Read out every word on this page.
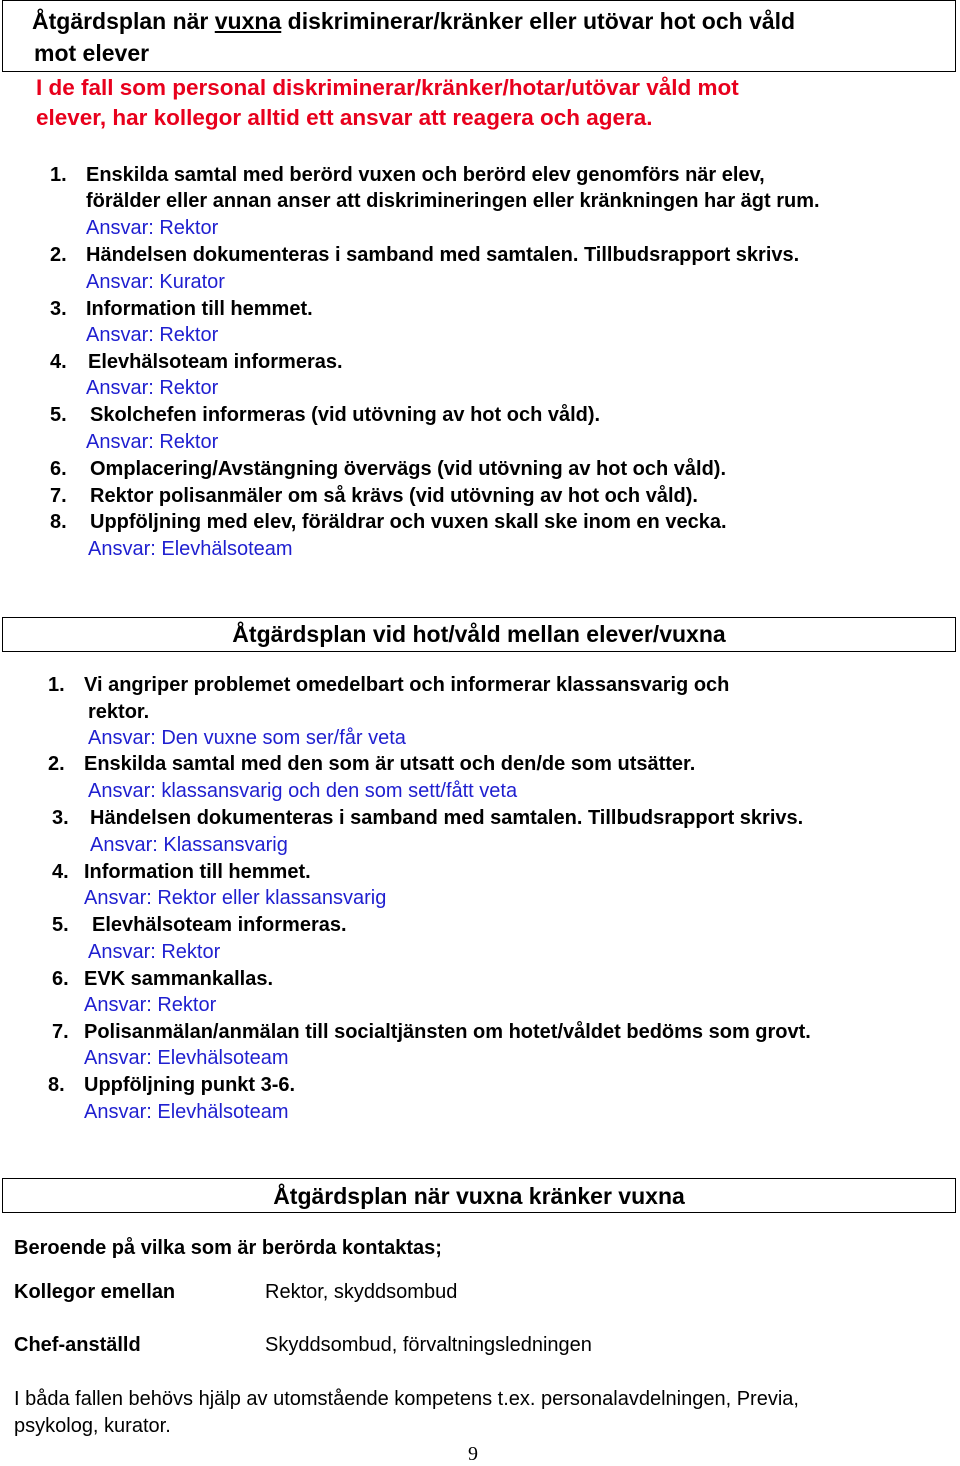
Åtgärdsplan när vuxna diskriminerar/kränker eller utövar hot och våld
mot elever
I de fall som personal diskriminerar/kränker/hotar/utövar våld mot
elever, har kollegor alltid ett ansvar att reagera och agera.
1. Enskilda samtal med berörd vuxen och berörd elev genomförs när elev,
förälder eller annan anser att diskrimineringen eller kränkningen har ägt rum.
Ansvar: Rektor
2. Händelsen dokumenteras i samband med samtalen. Tillbudsrapport skrivs.
Ansvar: Kurator
3. Information till hemmet.
Ansvar: Rektor
4. Elevhälsoteam informeras.
Ansvar: Rektor
5. Skolchefen informeras (vid utövning av hot och våld).
Ansvar: Rektor
6. Omplacering/Avstängning övervägs (vid utövning av hot och våld).
7. Rektor polisanmäler om så krävs (vid utövning av hot och våld).
8. Uppföljning med elev, föräldrar och vuxen skall ske inom en vecka.
Ansvar: Elevhälsoteam
Åtgärdsplan vid hot/våld mellan elever/vuxna
1. Vi angriper problemet omedelbart och informerar klassansvarig och
rektor.
Ansvar: Den vuxne som ser/får veta
2. Enskilda samtal med den som är utsatt och den/de som utsätter.
Ansvar: klassansvarig och den som sett/fått veta
3. Händelsen dokumenteras i samband med samtalen. Tillbudsrapport skrivs.
Ansvar: Klassansvarig
4. Information till hemmet.
Ansvar: Rektor eller klassansvarig
5. Elevhälsoteam informeras.
Ansvar: Rektor
6. EVK sammankallas.
Ansvar: Rektor
7. Polisanmälan/anmälan till socialtjänsten om hotet/våldet bedöms som grovt.
Ansvar: Elevhälsoteam
8. Uppföljning punkt 3-6.
Ansvar: Elevhälsoteam
Åtgärdsplan när vuxna kränker vuxna
Beroende på vilka som är berörda kontaktas;
Kollegor emellan	Rektor, skyddsombud
Chef-anställd	Skyddsombud, förvaltningsledningen
I båda fallen behövs hjälp av utomstående kompetens t.ex. personalavdelningen, Previa,
psykolog, kurator.
9
